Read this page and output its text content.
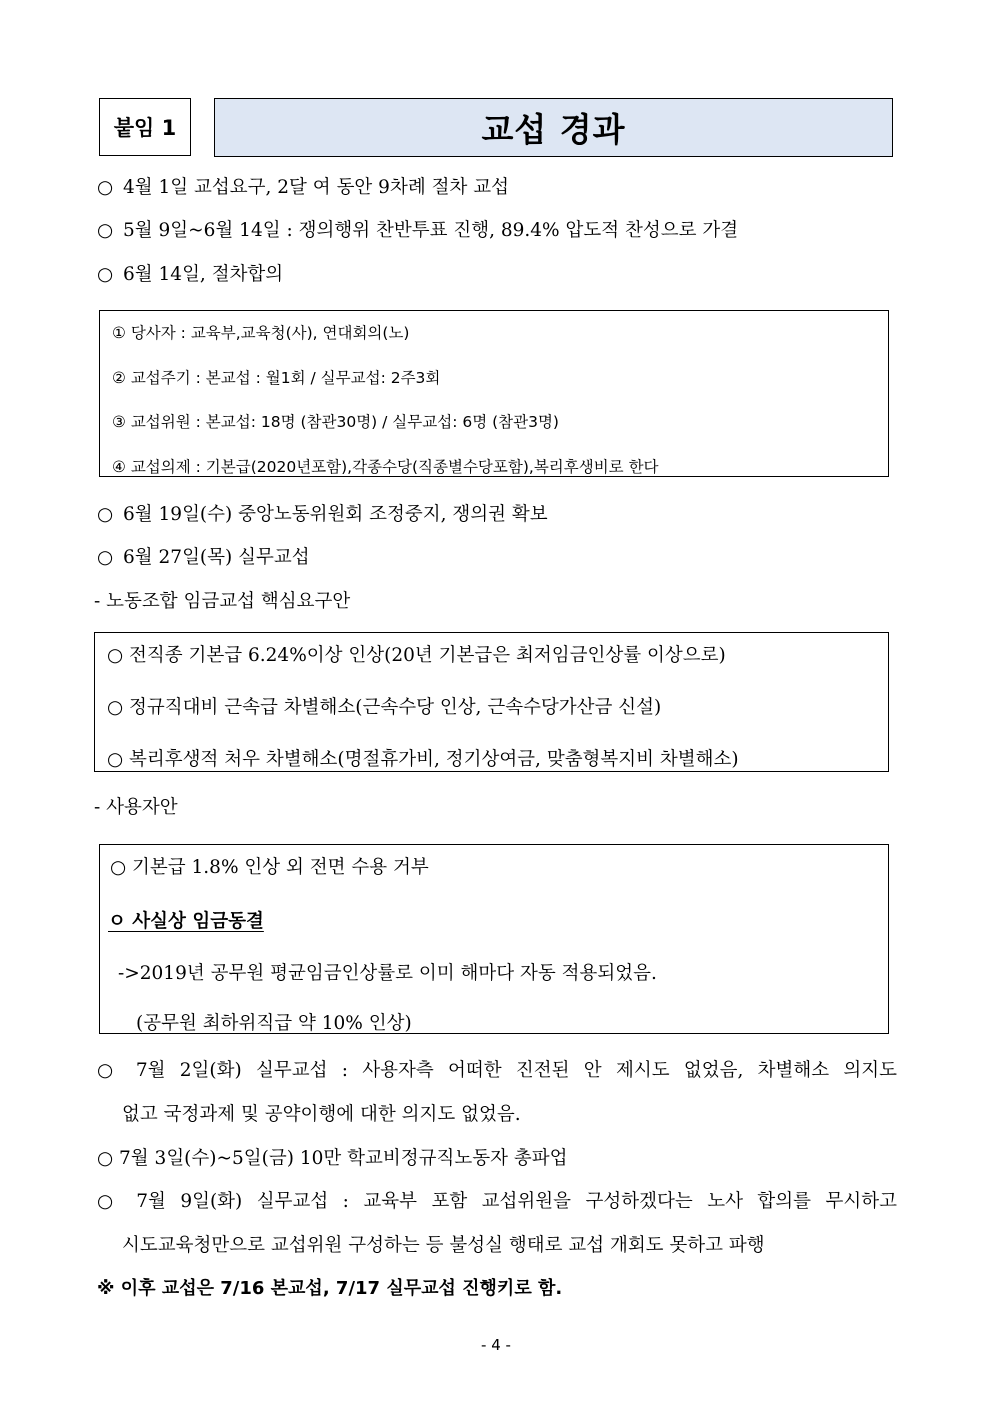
붙임 1	교섭 경과
○ 4월 1일 교섭요구, 2달 여 동안 9차례 절차 교섭
○ 5월 9일~6월 14일 : 쟁의행위 찬반투표 진행, 89.4% 압도적 찬성으로 가결
○ 6월 14일, 절차합의
① 당사자 : 교육부,교육청(사), 연대회의(노)
② 교섭주기 : 본교섭 : 월1회 / 실무교섭: 2주3회
③ 교섭위원 : 본교섭: 18명 (참관30명) / 실무교섭: 6명 (참관3명)
④ 교섭의제 : 기본급(2020년포함),각종수당(직종별수당포함),복리후생비로 한다
○ 6월 19일(수) 중앙노동위원회 조정중지, 쟁의권 확보
○ 6월 27일(목) 실무교섭
- 노동조합 임금교섭 핵심요구안
○ 전직종 기본급 6.24%이상 인상(20년 기본급은 최저임금인상률 이상으로)
○ 정규직대비 근속급 차별해소(근속수당 인상, 근속수당가산금 신설)
○ 복리후생적 처우 차별해소(명절휴가비, 정기상여금, 맞춤형복지비 차별해소)
- 사용자안
○ 기본급 1.8% 인상 외 전면 수용 거부
ㅇ 사실상 임금동결
->2019년 공무원 평균임금인상률로 이미 해마다 자동 적용되었음.
(공무원 최하위직급 약 10% 인상)
○ 7월 2일(화) 실무교섭 : 사용자측 어떠한 진전된 안 제시도 없었음, 차별해소 의지도
없고 국정과제 및 공약이행에 대한 의지도 없었음.
○ 7월 3일(수)~5일(금) 10만 학교비정규직노동자 총파업
○ 7월 9일(화) 실무교섭 : 교육부 포함 교섭위원을 구성하겠다는 노사 합의를 무시하고
시도교육청만으로 교섭위원 구성하는 등 불성실 행태로 교섭 개회도 못하고 파행
※ 이후 교섭은 7/16 본교섭, 7/17 실무교섭 진행키로 함.
- 4 -
